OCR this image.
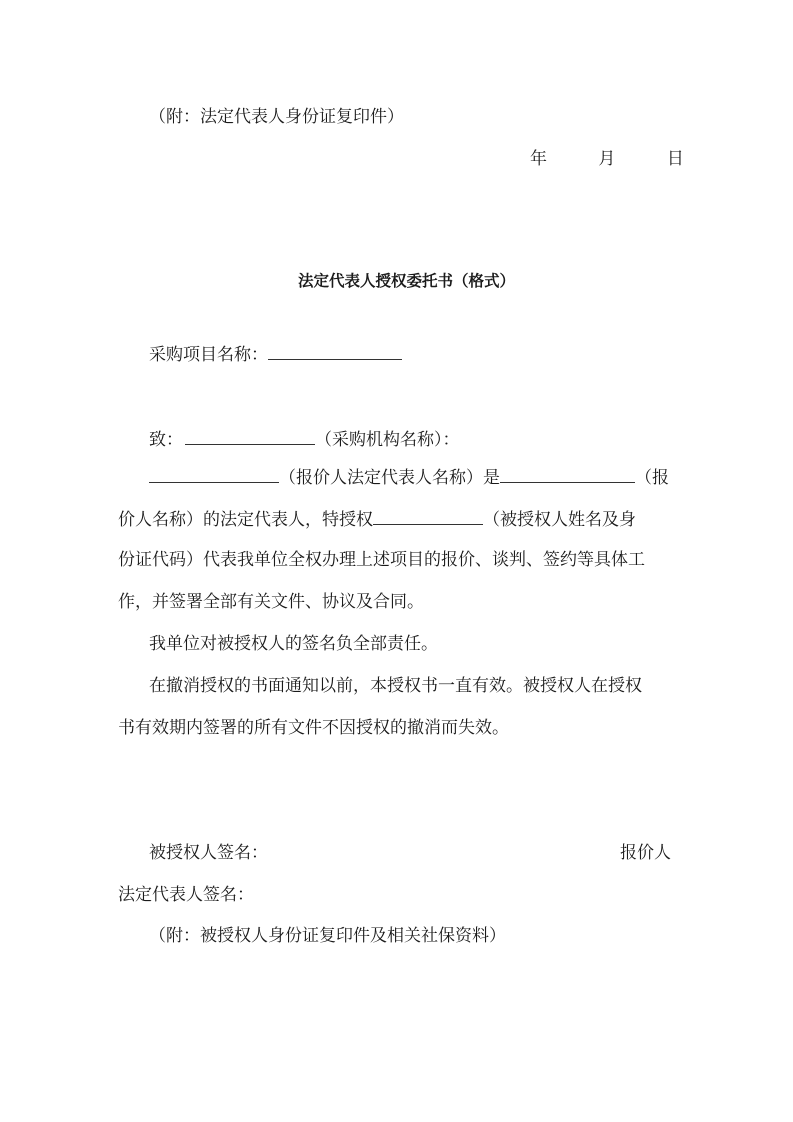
（附：法定代表人身份证复印件）
年	月	日
法定代表人授权委托书（格式）
采购项目名称：
致：	（采购机构名称）：
（报价人法定代表人名称）是	（报
价人名称）的法定代表人，特授权	（被授权人姓名及身
份证代码）代表我单位全权办理上述项目的报价、谈判、签约等具体工
作，并签署全部有关文件、协议及合同。
我单位对被授权人的签名负全部责任。
在撤消授权的书面通知以前，本授权书一直有效。被授权人在授权
书有效期内签署的所有文件不因授权的撤消而失效。
被授权人签名：	报价人
法定代表人签名：
（附：被授权人身份证复印件及相关社保资料）
